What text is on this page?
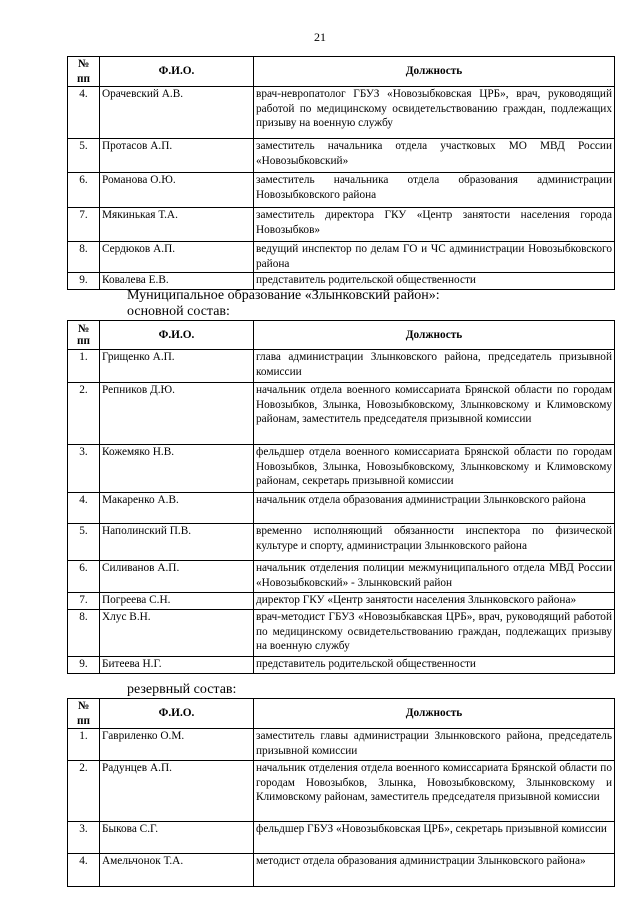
21
№ пп	Ф.И.О.	Должность
4.	Орачевский А.В.	врач-невропатолог ГБУЗ «Новозыбковская ЦРБ», врач, руководящий работой по медицинскому освидетельствованию граждан, подлежащих призыву на военную службу
5.	Протасов А.П.	заместитель начальника отдела участковых МО МВД России «Новозыбковский»
6.	Романова О.Ю.	заместитель начальника отдела образования администрации Новозыбковского района
7.	Мякинькая Т.А.	заместитель директора ГКУ «Центр занятости населения города Новозыбков»
8.	Сердюков А.П.	ведущий инспектор по делам ГО и ЧС администрации Новозыбковского района
9.	Ковалева Е.В.	представитель родительской общественности
Муниципальное образование «Злынковский район»:
основной состав:
№
пп	Ф.И.О.	Должность
1.	Грищенко А.П.	глава администрации Злынковского района, председатель призывной комиссии
2.	Репников Д.Ю.	начальник отдела военного комиссариата Брянской области по городам Новозыбков, Злынка, Новозыбковскому, Злынковскому и Климовскому районам, заместитель председателя призывной комиссии
3.	Кожемяко Н.В.	фельдшер отдела военного комиссариата Брянской области по городам Новозыбков, Злынка, Новозыбковскому, Злынковскому и Климовскому районам, секретарь призывной комиссии
4.	Макаренко А.В.	начальник отдела образования администрации Злынковского района
5.	Наполинский П.В.	временно исполняющий обязанности инспектора по физической культуре и спорту, администрации Злынковского района
6.	Силиванов А.П.	начальник отделения полиции межмуниципального отдела МВД России «Новозыбковский» - Злынковский район
7.	Погреева С.Н.	директор ГКУ «Центр занятости населения Злынковского района»
8.	Хлус В.Н.	врач-методист ГБУЗ «Новозыбкавская ЦРБ», врач, руководящий работой по медицинскому освидетельствованию граждан, подлежащих призыву на военную службу
9.	Битеева Н.Г.	представитель родительской общественности
резервный состав:
№ пп	Ф.И.О.	Должность
1.	Гавриленко О.М.	заместитель главы администрации Злынковского района, председатель призывной комиссии
2.	Радунцев А.П.	начальник отделения отдела военного комиссариата Брянской области по городам Новозыбков, Злынка, Новозыбковскому, Злынковскому и Климовскому районам, заместитель председателя призывной комиссии
3.	Быкова С.Г.	фельдшер ГБУЗ «Новозыбковская ЦРБ», секретарь призывной комиссии
4.	Амельчонок Т.А.	методист отдела образования администрации Злынковского района»
